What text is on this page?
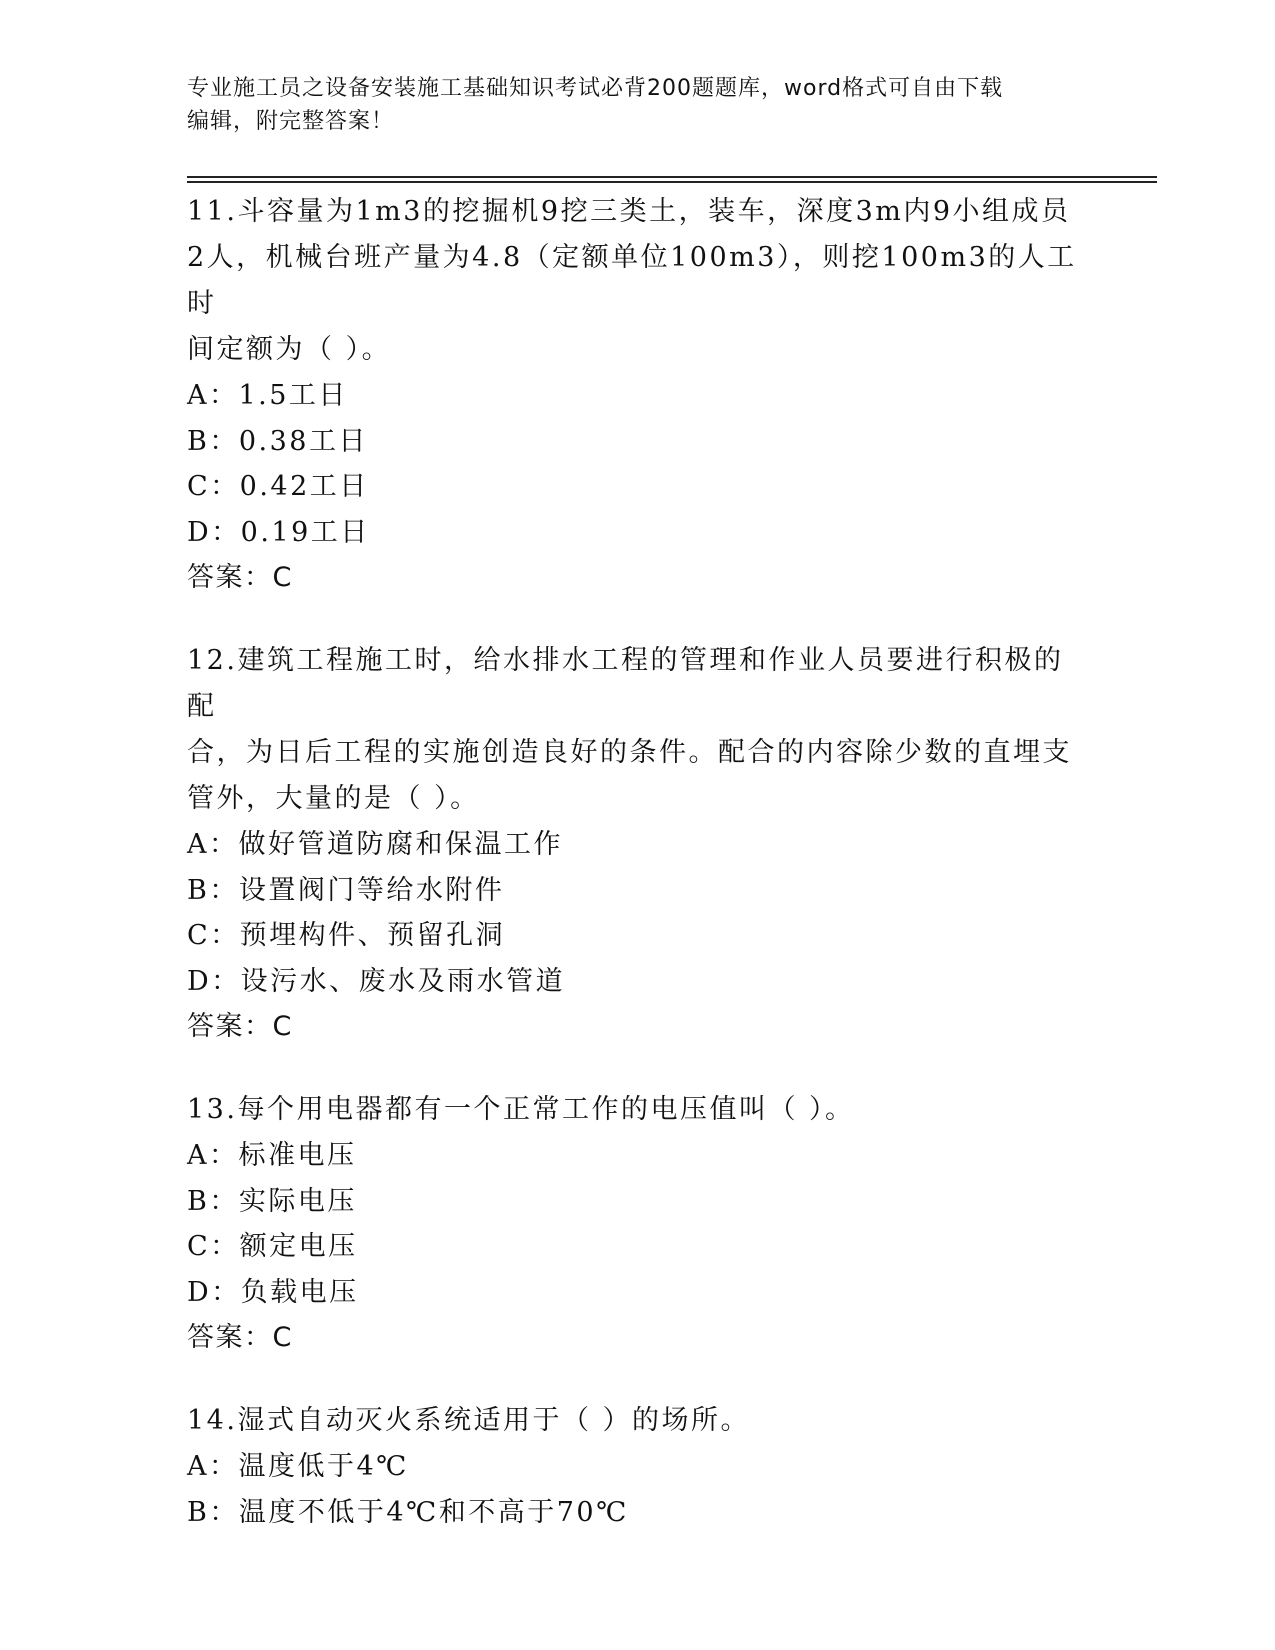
专业施工员之设备安装施工基础知识考试必背200题题库，word格式可自由下载
编辑，附完整答案！
11.斗容量为1m3的挖掘机9挖三类土，装车，深度3m内9小组成员
2人，机械台班产量为4.8（定额单位100m3），则挖100m3的人工时
间定额为（ ）。
A：1.5工日
B：0.38工日
C：0.42工日
D：0.19工日
答案：C
12.建筑工程施工时，给水排水工程的管理和作业人员要进行积极的配
合，为日后工程的实施创造良好的条件。配合的内容除少数的直埋支
管外，大量的是（ ）。
A：做好管道防腐和保温工作
B：设置阀门等给水附件
C：预埋构件、预留孔洞
D：设污水、废水及雨水管道
答案：C
13.每个用电器都有一个正常工作的电压值叫（ ）。
A：标准电压
B：实际电压
C：额定电压
D：负载电压
答案：C
14.湿式自动灭火系统适用于（ ）的场所。
A：温度低于4℃
B：温度不低于4℃和不高于70℃
